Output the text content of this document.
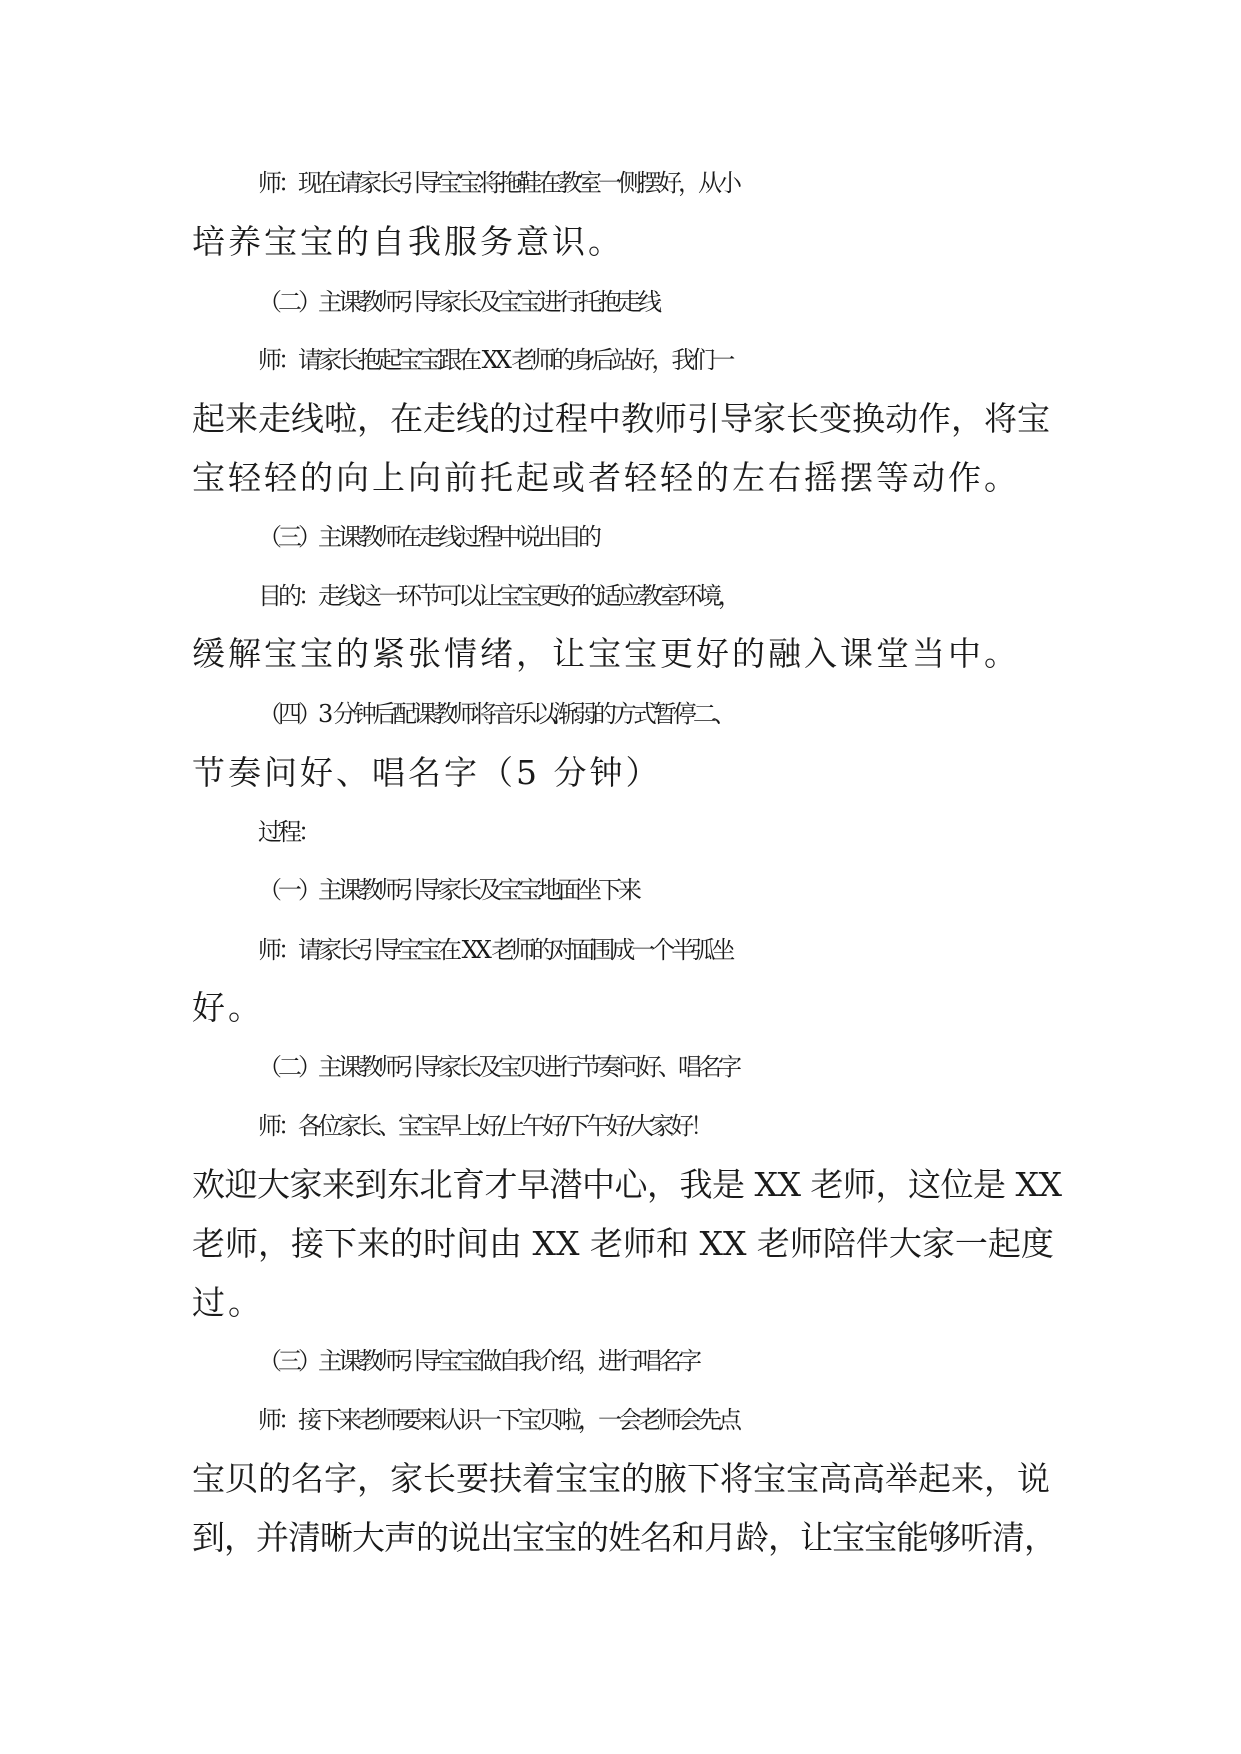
师：现在请家长引导宝宝将拖鞋在教室一侧摆好，从小
培养宝宝的自我服务意识。
（二）主课教师引导家长及宝宝进行托抱走线
师：请家长抱起宝宝跟在 XX 老师的身后站好，我们一
起来走线啦，在走线的过程中教师引导家长变换动作，将宝
宝轻轻的向上向前托起或者轻轻的左右摇摆等动作。
（三）主课教师在走线过程中说出目的
目的：走线这一环节可以让宝宝更好的适应教室环境，
缓解宝宝的紧张情绪，让宝宝更好的融入课堂当中。
（四）3 分钟后配课教师将音乐以渐弱的方式暂停二、
节奏问好、唱名字（5 分钟）
过程：
（一）主课教师引导家长及宝宝地面坐下来
师：请家长引导宝宝在 XX 老师的对面围成一个半弧坐
好。
（二）主课教师引导家长及宝贝进行节奏问好、唱名字
师：各位家长、宝宝早上好/上午好/下午好/大家好！
欢迎大家来到东北育才早潜中心，我是 XX 老师，这位是 XX
老师，接下来的时间由 XX 老师和 XX 老师陪伴大家一起度
过。
（三）主课教师引导宝宝做自我介绍，进行唱名字
师：接下来老师要来认识一下宝贝啦，一会老师会先点
宝贝的名字，家长要扶着宝宝的腋下将宝宝高高举起来，说
到，并清晰大声的说出宝宝的姓名和月龄，让宝宝能够听清，
